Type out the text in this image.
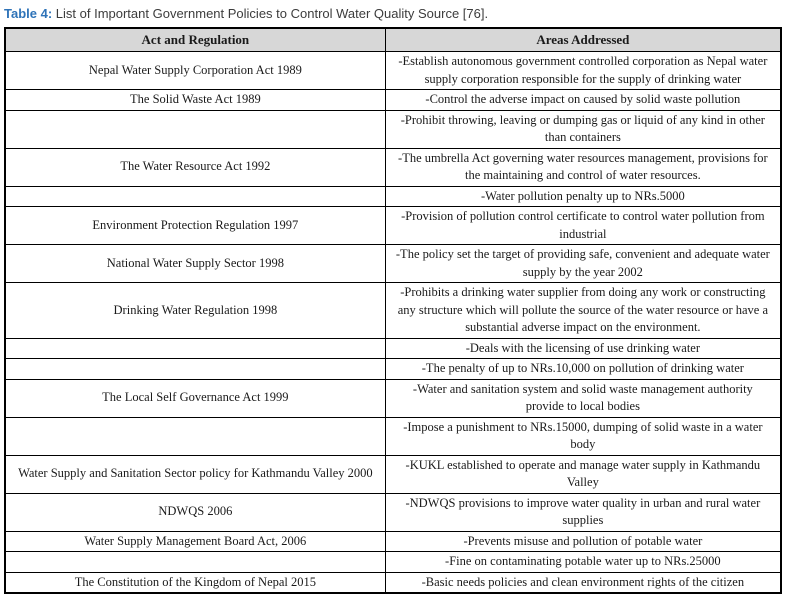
Table 4: List of Important Government Policies to Control Water Quality Source [76].
Act and Regulation	Areas Addressed
Nepal Water Supply Corporation Act 1989	-Establish autonomous government controlled corporation as Nepal water supply corporation responsible for the supply of drinking water
The Solid Waste Act 1989	-Control the adverse impact on caused by solid waste pollution
	-Prohibit throwing, leaving or dumping gas or liquid of any kind in other than containers
The Water Resource Act 1992	-The umbrella Act governing water resources management, provisions for the maintaining and control of water resources.
	-Water pollution penalty up to NRs.5000
Environment Protection Regulation 1997	-Provision of pollution control certificate to control water pollution from industrial
National Water Supply Sector 1998	-The policy set the target of providing safe, convenient and adequate water supply by the year 2002
Drinking Water Regulation 1998	-Prohibits a drinking water supplier from doing any work or constructing any structure which will pollute the source of the water resource or have a substantial adverse impact on the environment.
	-Deals with the licensing of use drinking water
	-The penalty of up to NRs.10,000 on pollution of drinking water
The Local Self Governance Act 1999	-Water and sanitation system and solid waste management authority provide to local bodies
	-Impose a punishment to NRs.15000, dumping of solid waste in a water body
Water Supply and Sanitation Sector policy for Kathmandu Valley 2000	-KUKL established to operate and manage water supply in Kathmandu Valley
NDWQS 2006	-NDWQS provisions to improve water quality in urban and rural water supplies
Water Supply Management Board Act, 2006	-Prevents misuse and pollution of potable water
	-Fine on contaminating potable water up to NRs.25000
The Constitution of the Kingdom of Nepal 2015	-Basic needs policies and clean environment rights of the citizen
